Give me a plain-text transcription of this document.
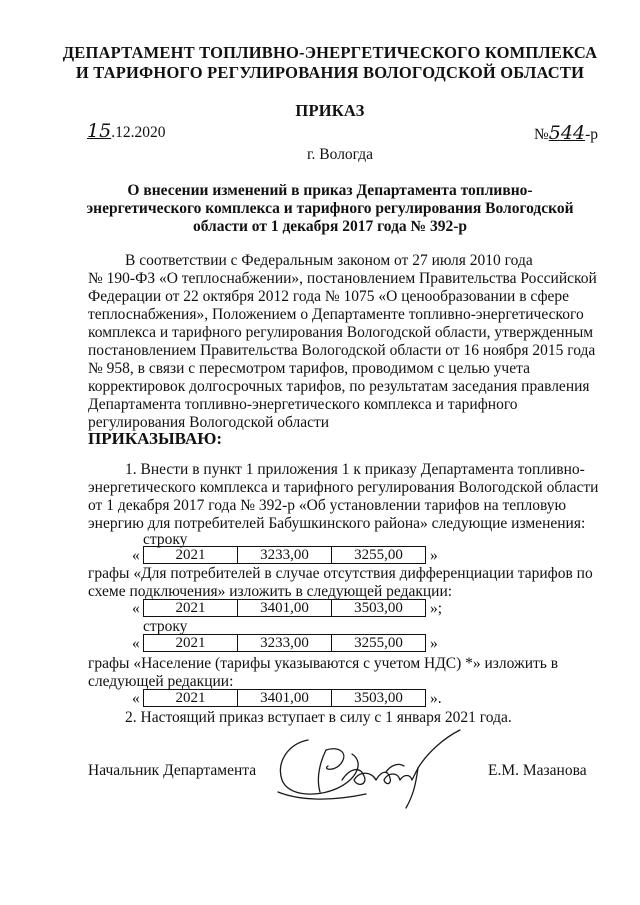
ДЕПАРТАМЕНТ ТОПЛИВНО-ЭНЕРГЕТИЧЕСКОГО КОМПЛЕКСА
И ТАРИФНОГО РЕГУЛИРОВАНИЯ ВОЛОГОДСКОЙ ОБЛАСТИ
ПРИКАЗ
15.12.2020	№544-р
г. Вологда
О внесении изменений в приказ Департамента топливно-
энергетического комплекса и тарифного регулирования Вологодской
области от 1 декабря 2017 года № 392-р
В соответствии с Федеральным законом от 27 июля 2010 года
№ 190-ФЗ «О теплоснабжении», постановлением Правительства Российской
Федерации от 22 октября 2012 года № 1075 «О ценообразовании в сфере
теплоснабжения», Положением о Департаменте топливно-энергетического
комплекса и тарифного регулирования Вологодской области, утвержденным
постановлением Правительства Вологодской области от 16 ноября 2015 года
№ 958, в связи с пересмотром тарифов, проводимом с целью учета
корректировок долгосрочных тарифов, по результатам заседания правления
Департамента топливно-энергетического комплекса и тарифного
регулирования Вологодской области
ПРИКАЗЫВАЮ:
1. Внести в пункт 1 приложения 1 к приказу Департамента топливно-
энергетического комплекса и тарифного регулирования Вологодской области
от 1 декабря 2017 года № 392-р «Об установлении тарифов на тепловую
энергию для потребителей Бабушкинского района» следующие изменения:
строку
« 2021	3233,00	3255,00 »
графы «Для потребителей в случае отсутствия дифференциации тарифов по
схеме подключения» изложить в следующей редакции:
« 2021	3401,00	3503,00 »;
строку
« 2021	3233,00	3255,00 »
графы «Население (тарифы указываются с учетом НДС) *» изложить в
следующей редакции:
« 2021	3401,00	3503,00 ».
2. Настоящий приказ вступает в силу с 1 января 2021 года.
Начальник Департамента	Е.М. Мазанова
